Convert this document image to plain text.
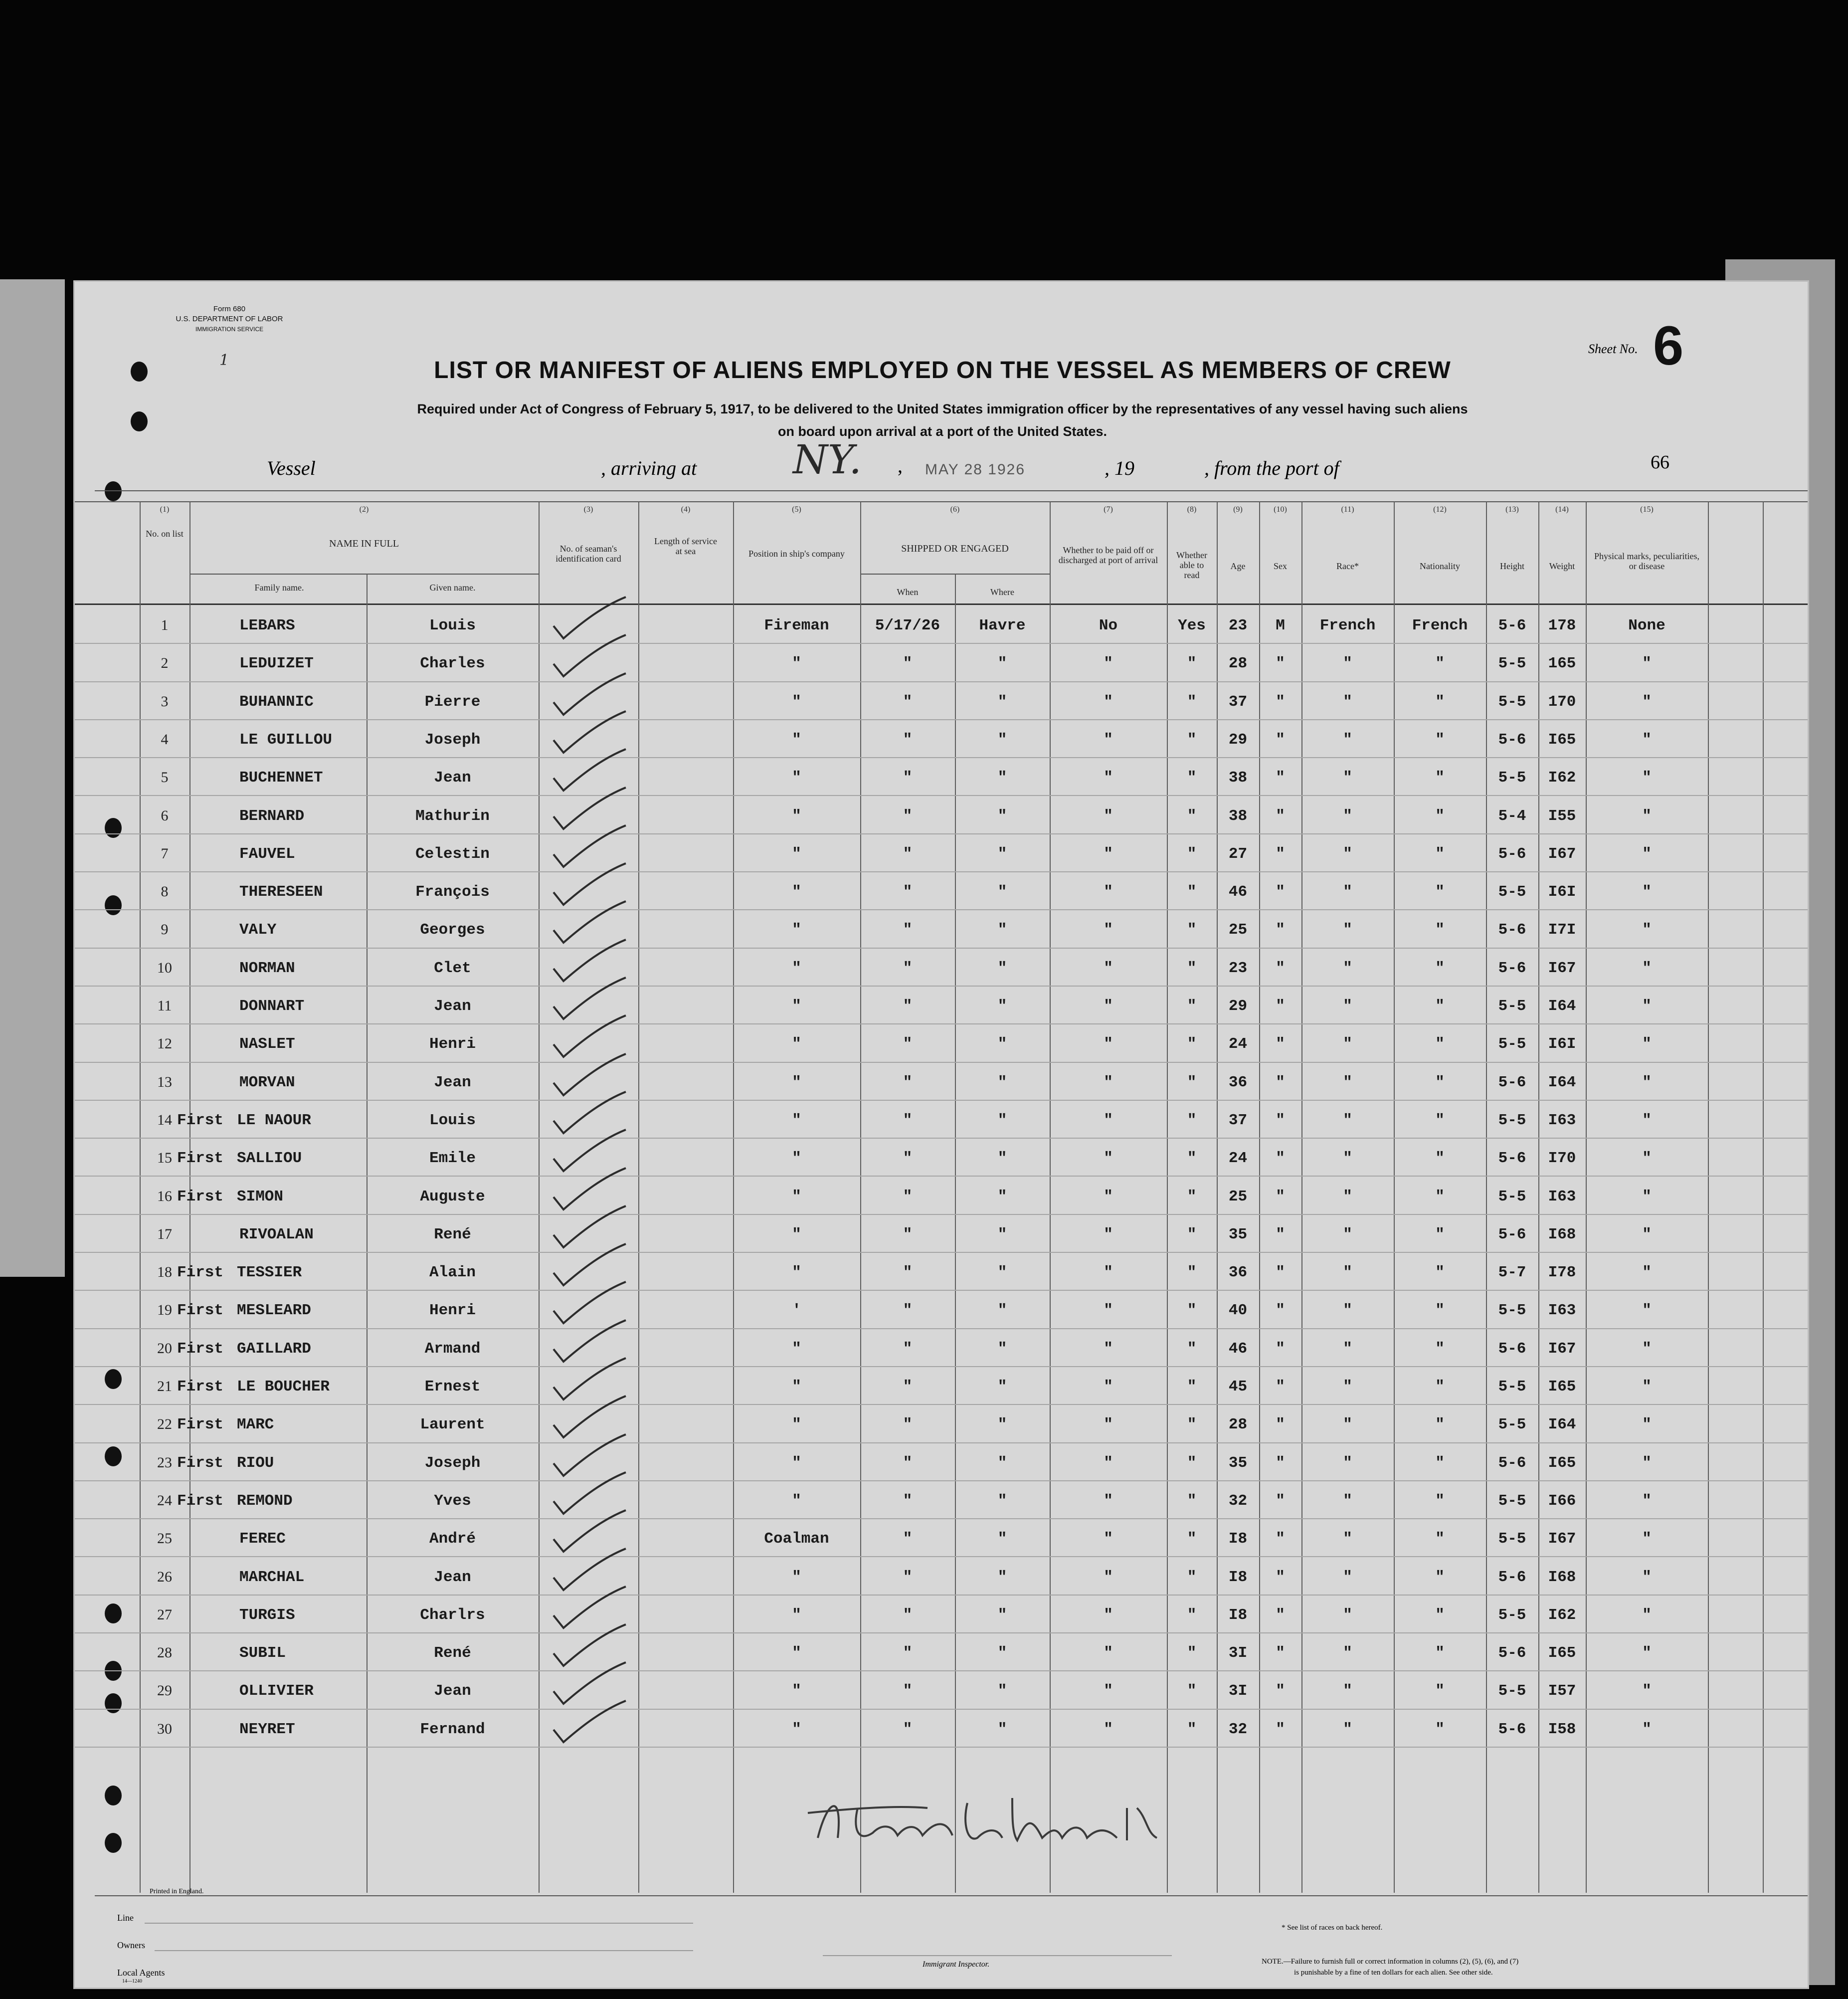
Form 680
U.S. DEPARTMENT OF LABOR
IMMIGRATION SERVICE
1	LIST OR MANIFEST OF ALIENS EMPLOYED ON THE VESSEL AS MEMBERS OF CREW
Required under Act of Congress of February 5, 1917, to be delivered to the United States immigration officer by the representatives of any vessel having such aliens
on board upon arrival at a port of the United States.
Sheet No. 6
66
Vessel	, arriving at NY. , MAY 28 1926	, 19	, from the port of
(1)	(2)	(3)	(4)	(5)	(6)	(7)	(8)	(9)	(10)	(11)	(12)	(13)	(14)	(15)
No. on list
NAME IN FULL
Family name.	Given name.
No. of seaman's identification card
Length of service at sea	Position in ship's company	SHIPPED OR ENGAGED
When	Where
Whether to be paid off or discharged at port of arrival	Whether able to read
Age	Sex	Race*	Nationality	Height	Weight
Physical marks, peculiarities, or disease
1	LEBARS	Louis	Fireman	5/17/26	Havre	No	Yes	23	M	French	French	5-6	178	None
2	LEDUIZET	Charles	"	"	"	"	"	28	"	"	"	5-5	165	"
3	BUHANNIC	Pierre	"	"	"	"	"	37	"	"	"	5-5	170	"
4	LE GUILLOU	Joseph	"	"	"	"	"	29	"	"	"	5-6	I65	"
5	BUCHENNET	Jean	"	"	"	"	"	38	"	"	"	5-5	I62	"
6	BERNARD	Mathurin	"	"	"	"	"	38	"	"	"	5-4	I55	"
7	FAUVEL	Celestin	"	"	"	"	"	27	"	"	"	5-6	I67	"
8	THERESEEN	François	"	"	"	"	"	46	"	"	"	5-5	I6I	"
9	VALY	Georges	"	"	"	"	"	25	"	"	"	5-6	I7I	"
10	NORMAN	Clet	"	"	"	"	"	23	"	"	"	5-6	I67	"
11	DONNART	Jean	"	"	"	"	"	29	"	"	"	5-5	I64	"
12	NASLET	Henri	"	"	"	"	"	24	"	"	"	5-5	I6I	"
13	MORVAN	Jean	"	"	"	"	"	36	"	"	"	5-6	I64	"
14 First LE NAOUR	Louis	"	"	"	"	"	37	"	"	"	5-5	I63	"
15 First SALLIOU	Emile	"	"	"	"	"	24	"	"	"	5-6	I70	"
16 First SIMON	Auguste	"	"	"	"	"	25	"	"	"	5-5	I63	"
17	RIVOALAN	René	"	"	"	"	"	35	"	"	"	5-6	I68	"
18 First TESSIER	Alain	"	"	"	"	"	36	"	"	"	5-7	I78	"
19 First MESLEARD	Henri	'	"	"	"	"	40	"	"	"	5-5	I63	"
20 First GAILLARD	Armand	"	"	"	"	"	46	"	"	"	5-6	I67	"
21 First LE BOUCHER	Ernest	"	"	"	"	"	45	"	"	"	5-5	I65	"
22 First MARC	Laurent	"	"	"	"	"	28	"	"	"	5-5	I64	"
23 First RIOU	Joseph	"	"	"	"	"	35	"	"	"	5-6	I65	"
24 First REMOND	Yves	"	"	"	"	"	32	"	"	"	5-5	I66	"
25	FEREC	André	Coalman	"	"	"	"	I8	"	"	"	5-5	I67	"
26	MARCHAL	Jean	"	"	"	"	"	I8	"	"	"	5-6	I68	"
27	TURGIS	Charlrs	"	"	"	"	"	I8	"	"	"	5-5	I62	"
28	SUBIL	René	"	"	"	"	"	3I	"	"	"	5-6	I65	"
29	OLLIVIER	Jean	"	"	"	"	"	3I	"	"	"	5-5	I57	"
30	NEYRET	Fernand	"	"	"	"	"	32	"	"	"	5-6	I58	"
Printed in England.
Line
Owners
Local Agents
14—1240
Immigrant Inspector.
* See list of races on back hereof.
NOTE.—Failure to furnish full or correct information in columns (2), (5), (6), and (7)
is punishable by a fine of ten dollars for each alien. See other side.
